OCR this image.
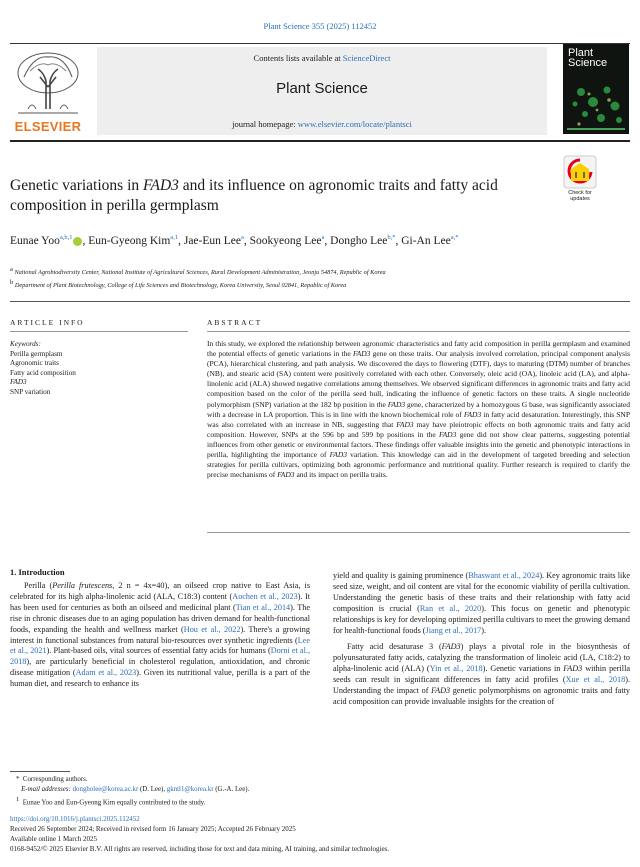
Plant Science 355 (2025) 112452
ELSEVIER
Contents lists available at ScienceDirect
Plant Science
journal homepage: www.elsevier.com/locate/plantsci
Plant
Science
Genetic variations in FAD3 and its influence on agronomic traits and fatty acid composition in perilla germplasm
Check for
updates
Eunae Yoo$^{a,b,1}$ , Eun-Gyeong Kim$^{a,1}$, Jae-Eun Lee$^a$, Sookyeong Lee$^a$, Dongho Lee$^{b,*}$, Gi-An Lee$^{a,*}$
$^a$ National Agrobiodiversity Center, National Institute of Agricultural Sciences, Rural Development Administration, Jeonju 54874, Republic of Korea
$^b$ Department of Plant Biotechnology, College of Life Sciences and Biotechnology, Korea University, Seoul 02841, Republic of Korea
ARTICLE INFO
Keywords:
Perilla germplasm
Agronomic traits
Fatty acid composition
FAD3
SNP variation
ABSTRACT
In this study, we explored the relationship between agronomic characteristics and fatty acid composition in perilla germplasm and examined the potential effects of genetic variations in the FAD3 gene on these traits. Our analysis involved correlation, principal component analysis (PCA), hierarchical clustering, and path analysis. We discovered the days to flowering (DTF), days to maturing (DTM) number of branches (NB), and stearic acid (SA) content were positively correlated with each other. Conversely, oleic acid (OA), linoleic acid (LA), and alpha-linolenic acid (ALA) showed negative correlations among themselves. We observed significant differences in agronomic traits and fatty acid composition based on the color of the perilla seed hull, indicating the influence of genetic factors on these traits. A single nucleotide polymorphism (SNP) variation at the 182 bp position in the FAD3 gene, characterized by a homozygous G base, was significantly associated with a decrease in LA proportion. This is in line with the known biochemical role of FAD3 in fatty acid desaturation. Interestingly, this SNP was also correlated with an increase in NB, suggesting that FAD3 may have pleiotropic effects on both agronomic traits and fatty acid composition. However, SNPs at the 596 bp and 599 bp positions in the FAD3 gene did not show clear patterns, suggesting potential influences from other genetic or environmental factors. These findings offer valuable insights into the genetic and phenotypic interactions in perilla, highlighting the importance of FAD3 variation. This knowledge can aid in the development of targeted breeding and selection strategies for perilla cultivars, optimizing both agronomic performance and nutritional quality. Further research is required to clarify the precise mechanisms of FAD3 and its impact on perilla traits.
1. Introduction

Perilla (Perilla frutescens, 2 n = 4x=40), an oilseed crop native to East Asia, is celebrated for its high alpha-linolenic acid (ALA, C18:3) content (Aochen et al., 2023). It has been used for centuries as both an oilseed and medicinal plant (Tian et al., 2014). The rise in chronic diseases due to an aging population has driven demand for health-functional foods, expanding the health and wellness market (Hou et al., 2022). There's a growing interest in functional substances from natural bio-resources over synthetic ingredients (Lee et al., 2021). Plant-based oils, vital sources of essential fatty acids for humans (Dorni et al., 2018), are particularly beneficial in cholesterol regulation, antioxidation, and chronic disease mitigation (Adam et al., 2023). Given its nutritional value, perilla is a part of the human diet, and research to enhance its

yield and quality is gaining prominence (Bhaswant et al., 2024). Key agronomic traits like seed size, weight, and oil content are vital for the economic viability of perilla cultivation. Understanding the genetic basis of these traits and their relationship with fatty acid composition is crucial (Ran et al., 2020). This focus on genetic and phenotypic relationships is key for developing optimized perilla cultivars to meet the growing demand for health-functional foods (Jiang et al., 2017).

Fatty acid desaturase 3 (FAD3) plays a pivotal role in the biosynthesis of polyunsaturated fatty acids, catalyzing the transformation of linoleic acid (LA, C18:2) to alpha-linolenic acid (ALA) (Yin et al., 2018). Genetic variations in FAD3 within perilla seeds can result in significant differences in fatty acid profiles (Xue et al., 2018). Understanding the impact of FAD3 genetic polymorphisms on agronomic traits and fatty acid composition can provide invaluable insights for the creation of

*  Corresponding authors.
E-mail addresses: dongholee@korea.ac.kr (D. Lee), gkntl1@korea.kr (G.-A. Lee).
$^1$ Eunae Yoo and Eun-Gyeong Kim equally contributed to the study.
https://doi.org/10.1016/j.plantsci.2025.112452
Received 26 September 2024; Received in revised form 16 January 2025; Accepted 26 February 2025
Available online 1 March 2025
0168-9452/© 2025 Elsevier B.V. All rights are reserved, including those for text and data mining, AI training, and similar technologies.
